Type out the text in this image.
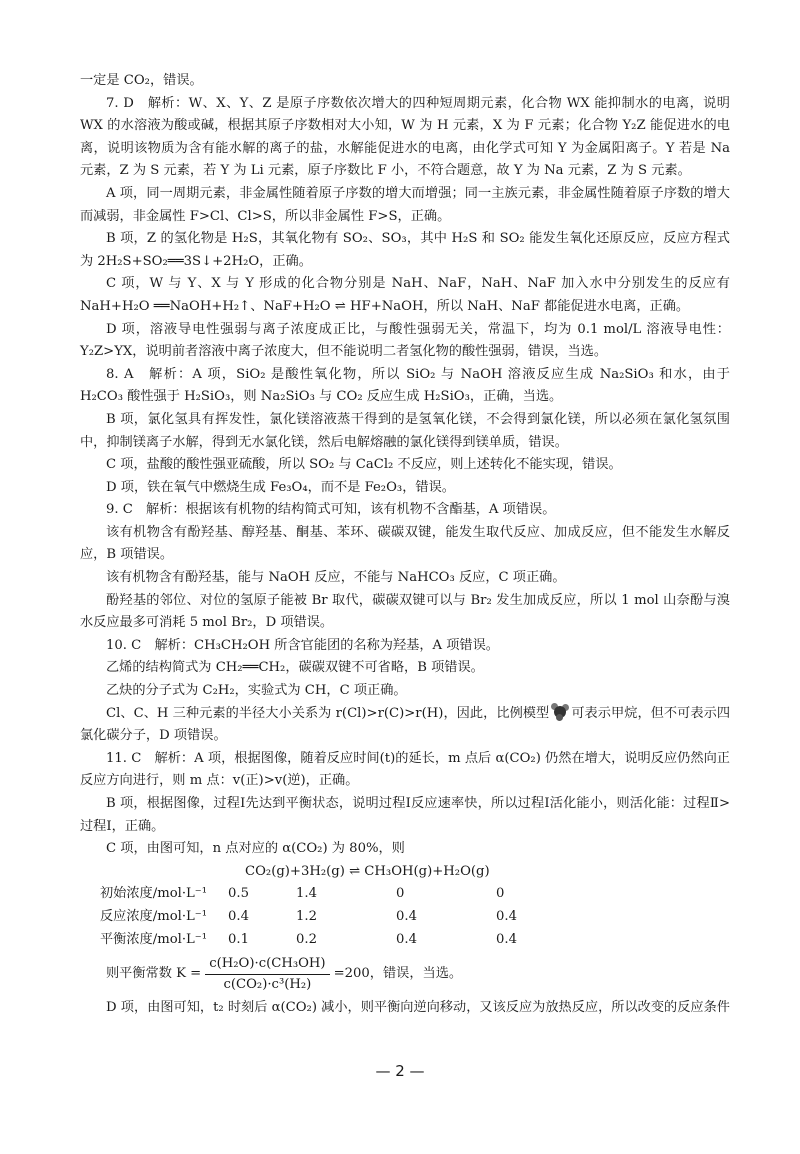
一定是 CO₂，错误。

7. D　解析：W、X、Y、Z 是原子序数依次增大的四种短周期元素，化合物 WX 能抑制水的电离，说明 WX 的水溶液为酸或碱，根据其原子序数相对大小知，W 为 H 元素，X 为 F 元素；化合物 Y₂Z 能促进水的电离，说明该物质为含有能水解的离子的盐，水解能促进水的电离，由化学式可知 Y 为金属阳离子。Y 若是 Na 元素，Z 为 S 元素，若 Y 为 Li 元素，原子序数比 F 小，不符合题意，故 Y 为 Na 元素，Z 为 S 元素。

A 项，同一周期元素，非金属性随着原子序数的增大而增强；同一主族元素，非金属性随着原子序数的增大而减弱，非金属性 F>Cl、Cl>S，所以非金属性 F>S，正确。

B 项，Z 的氢化物是 H₂S，其氧化物有 SO₂、SO₃，其中 H₂S 和 SO₂ 能发生氧化还原反应，反应方程式为 2H₂S+SO₂══3S↓+2H₂O，正确。

C 项，W 与 Y、X 与 Y 形成的化合物分别是 NaH、NaF，NaH、NaF 加入水中分别发生的反应有 NaH+H₂O ══NaOH+H₂↑、NaF+H₂O ⇌ HF+NaOH，所以 NaH、NaF 都能促进水电离，正确。

D 项，溶液导电性强弱与离子浓度成正比，与酸性强弱无关，常温下，均为 0.1 mol/L 溶液导电性：Y₂Z>YX，说明前者溶液中离子浓度大，但不能说明二者氢化物的酸性强弱，错误，当选。

8. A　解析：A 项，SiO₂ 是酸性氧化物，所以 SiO₂ 与 NaOH 溶液反应生成 Na₂SiO₃ 和水，由于 H₂CO₃ 酸性强于 H₂SiO₃，则 Na₂SiO₃ 与 CO₂ 反应生成 H₂SiO₃，正确，当选。

B 项，氯化氢具有挥发性，氯化镁溶液蒸干得到的是氢氧化镁，不会得到氯化镁，所以必须在氯化氢氛围中，抑制镁离子水解，得到无水氯化镁，然后电解熔融的氯化镁得到镁单质，错误。

C 项，盐酸的酸性强亚硫酸，所以 SO₂ 与 CaCl₂ 不反应，则上述转化不能实现，错误。

D 项，铁在氧气中燃烧生成 Fe₃O₄，而不是 Fe₂O₃，错误。

9. C　解析：根据该有机物的结构简式可知，该有机物不含酯基，A 项错误。

该有机物含有酚羟基、醇羟基、酮基、苯环、碳碳双键，能发生取代反应、加成反应，但不能发生水解反应，B 项错误。

该有机物含有酚羟基，能与 NaOH 反应，不能与 NaHCO₃ 反应，C 项正确。

酚羟基的邻位、对位的氢原子能被 Br 取代，碳碳双键可以与 Br₂ 发生加成反应，所以 1 mol 山奈酚与溴水反应最多可消耗 5 mol Br₂，D 项错误。

10. C　解析：CH₃CH₂OH 所含官能团的名称为羟基，A 项错误。

乙烯的结构简式为 CH₂══CH₂，碳碳双键不可省略，B 项错误。

乙炔的分子式为 C₂H₂，实验式为 CH，C 项正确。

Cl、C、H 三种元素的半径大小关系为 r(Cl)>r(C)>r(H)，因此，比例模型 可表示甲烷，但不可表示四氯化碳分子，D 项错误。

11. C　解析：A 项，根据图像，随着反应时间(t)的延长，m 点后 α(CO₂) 仍然在增大，说明反应仍然向正反应方向进行，则 m 点：v(正)>v(逆)，正确。

B 项，根据图像，过程Ⅰ先达到平衡状态，说明过程Ⅰ反应速率快，所以过程Ⅰ活化能小，则活化能：过程Ⅱ>过程Ⅰ，正确。

C 项，由图可知，n 点对应的 α(CO₂) 为 80%，则

CO₂(g)+3H₂(g) ⇌ CH₃OH(g)+H₂O(g)

初始浓度/mol·L⁻¹	0.5	1.4	0	0
反应浓度/mol·L⁻¹	0.4	1.2	0.4	0.4
平衡浓度/mol·L⁻¹	0.1	0.2	0.4	0.4
则平衡常数 $K = \frac{\text{c(H₂O)·c(CH₃OH)}}{\text{c(CO₂)·c³(H₂)}} =200$，错误，当选。

D 项，由图可知，t₂ 时刻后 α(CO₂) 减小，则平衡向逆向移动，又该反应为放热反应，所以改变的反应条件

— 2 —
